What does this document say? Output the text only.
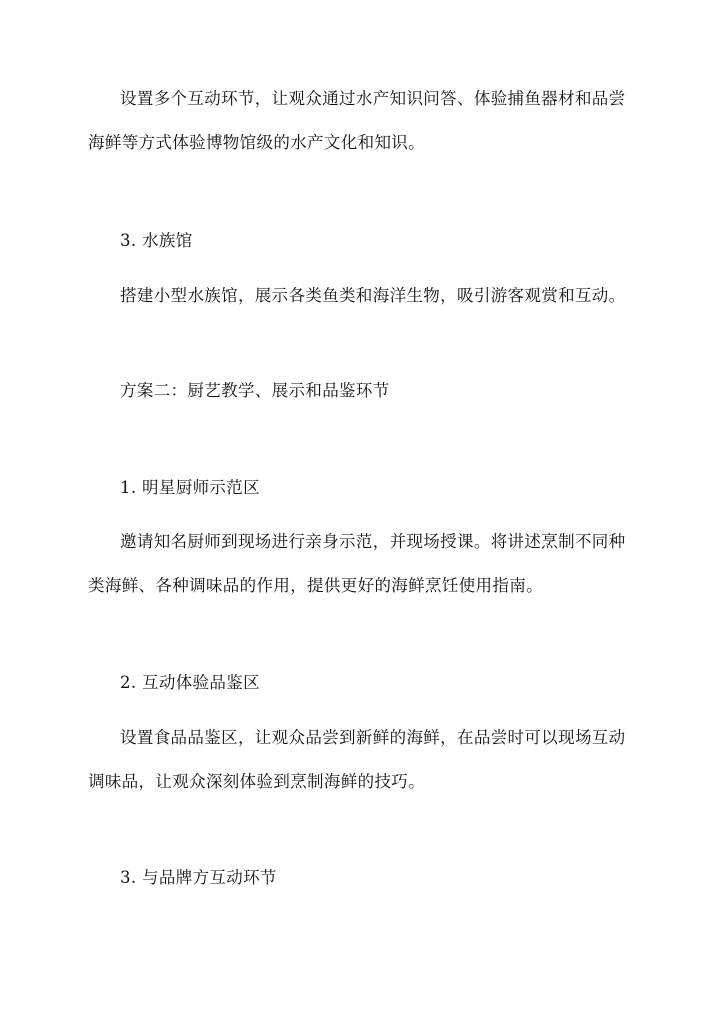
设置多个互动环节，让观众通过水产知识问答、体验捕鱼器材和品尝
海鲜等方式体验博物馆级的水产文化和知识。
3. 水族馆
搭建小型水族馆，展示各类鱼类和海洋生物，吸引游客观赏和互动。
方案二：厨艺教学、展示和品鉴环节
1. 明星厨师示范区
邀请知名厨师到现场进行亲身示范，并现场授课。将讲述烹制不同种
类海鲜、各种调味品的作用，提供更好的海鲜烹饪使用指南。
2. 互动体验品鉴区
设置食品品鉴区，让观众品尝到新鲜的海鲜，在品尝时可以现场互动
调味品，让观众深刻体验到烹制海鲜的技巧。
3. 与品牌方互动环节
